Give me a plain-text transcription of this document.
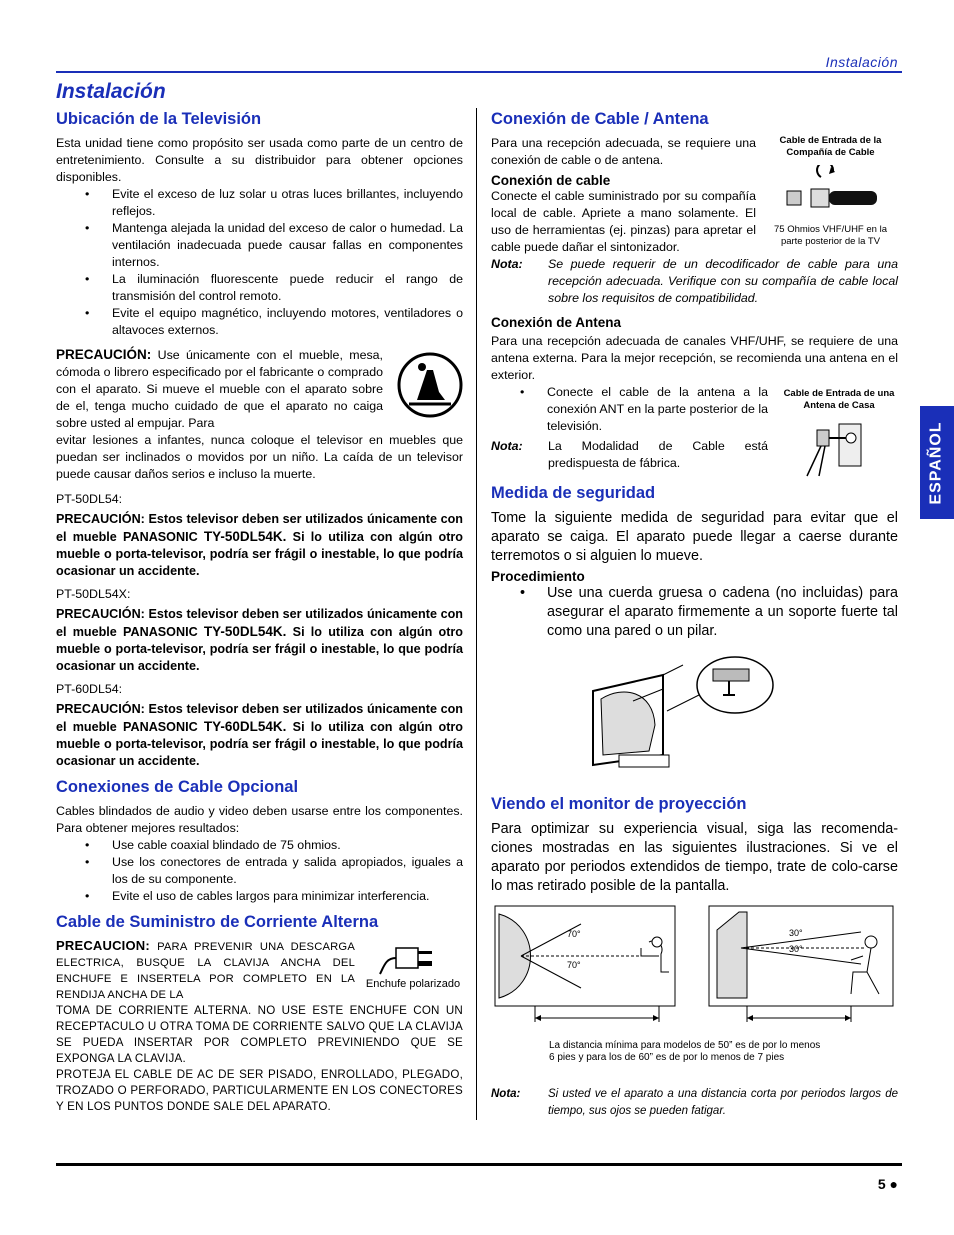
Instalación
Instalación
ESPAÑOL
Ubicación de la Televisión

Esta unidad tiene como propósito ser usada como parte de un centro de entretenimiento. Consulte a su distribuidor para obtener opciones disponibles.

• Evite el exceso de luz solar u otras luces brillantes, incluyendo reflejos.
• Mantenga alejada la unidad del exceso de calor o humedad. La ventilación inadecuada puede causar fallas en componentes internos.
• La iluminación fluorescente puede reducir el rango de transmisión del control remoto.
• Evite el equipo magnético, incluyendo motores, ventiladores o altavoces externos.

PRECAUCIÓN: Use únicamente con el mueble, mesa, cómoda o librero especificado por el fabricante o comprado con el aparato. Si mueve el mueble con el aparato sobre de el, tenga mucho cuidado de que el aparato no caiga sobre usted al empujar. Para

evitar lesiones a infantes, nunca coloque el televisor en muebles que puedan ser inclinados o movidos por un niño. La caída de un televisor puede causar daños serios e incluso la muerte.

PT-50DL54:

PRECAUCIÓN: Estos televisor deben ser utilizados únicamente con el mueble PANASONIC TY-50DL54K. Si lo utiliza con algún otro mueble o porta-televisor, podría ser frágil o inestable, lo que podría ocasionar un accidente.

PT-50DL54X:

PRECAUCIÓN: Estos televisor deben ser utilizados únicamente con el mueble PANASONIC TY-50DL54K. Si lo utiliza con algún otro mueble o porta-televisor, podría ser frágil o inestable, lo que podría ocasionar un accidente.

PT-60DL54:

PRECAUCIÓN: Estos televisor deben ser utilizados únicamente con el mueble PANASONIC TY-60DL54K. Si lo utiliza con algún otro mueble o porta-televisor, podría ser frágil o inestable, lo que podría ocasionar un accidente.

Conexiones de Cable Opcional

Cables blindados de audio y video deben usarse entre los componentes. Para obtener mejores resultados:

• Use cable coaxial blindado de 75 ohmios.
• Use los conectores de entrada y salida apropiados, iguales a los de su componente.
• Evite el uso de cables largos para minimizar interferencia.
Cable de Suministro de Corriente Alterna
Enchufe polarizado

PRECAUCION: PARA PREVENIR UNA DESCARGA ELECTRICA, BUSQUE LA CLAVIJA ANCHA DEL ENCHUFE E INSERTELA POR COMPLETO EN LA RENDIJA ANCHA DE LA

TOMA DE CORRIENTE ALTERNA. NO USE ESTE ENCHUFE CON UN RECEPTACULO U OTRA TOMA DE CORRIENTE SALVO QUE LA CLAVIJA SE PUEDA INSERTAR POR COMPLETO PREVINIENDO QUE SE EXPONGA LA CLAVIJA.

PROTEJA EL CABLE DE AC DE SER PISADO, ENROLLADO, PLEGADO, TROZADO O PERFORADO, PARTICULARMENTE EN LOS CONECTORES Y EN LOS PUNTOS DONDE SALE DEL APARATO.

Conexión de Cable / Antena
Cable de Entrada de la Compañía de Cable
75 Ohmios VHF/UHF en la parte posterior de la TV

Para una recepción adecuada, se requiere una conexión de cable o de antena.

Conexión de cable

Conecte el cable suministrado por su compañía local de cable. Apriete a mano solamente. El uso de herramientas (ej. pinzas) para apretar el cable puede dañar el sintonizador.

Nota:	Se puede requerir de un decodificador de cable para una recepción adecuada. Verifique con su compañía de cable local sobre los requisitos de compatibilidad.
Conexión de Antena

Para una recepción adecuada de canales VHF/UHF, se requiere de una antena externa. Para la mejor recepción, se recomienda una antena en el exterior.

Cable de Entrada de una Antena de Casa
• Conecte el cable de la antena a la conexión ANT en la parte posterior de la televisión.
Nota:	La Modalidad de Cable está predispuesta de fábrica.
Medida de seguridad

Tome la siguiente medida de seguridad para evitar que el aparato se caiga. El aparato puede llegar a caerse durante terremotos o si alguien lo mueve.

Procedimiento
• Use una cuerda gruesa o cadena (no incluidas) para asegurar el aparato firmemente a un soporte fuerte tal como una pared o un pilar.
Viendo el monitor de proyección

Para optimizar su experiencia visual, siga las recomenda-ciones mostradas en las siguientes ilustraciones. Si ve el aparato por periodos extendidos de tiempo, trate de colo-carse lo mas retirado posible de la pantalla.

70°
70°
30°
30°
La distancia mínima para modelos de 50” es de por lo menos
6 pies y para los de 60” es de por lo menos de 7 pies
Nota:	Si usted ve el aparato a una distancia corta por periodos largos de tiempo, sus ojos se pueden fatigar.
5 ●
